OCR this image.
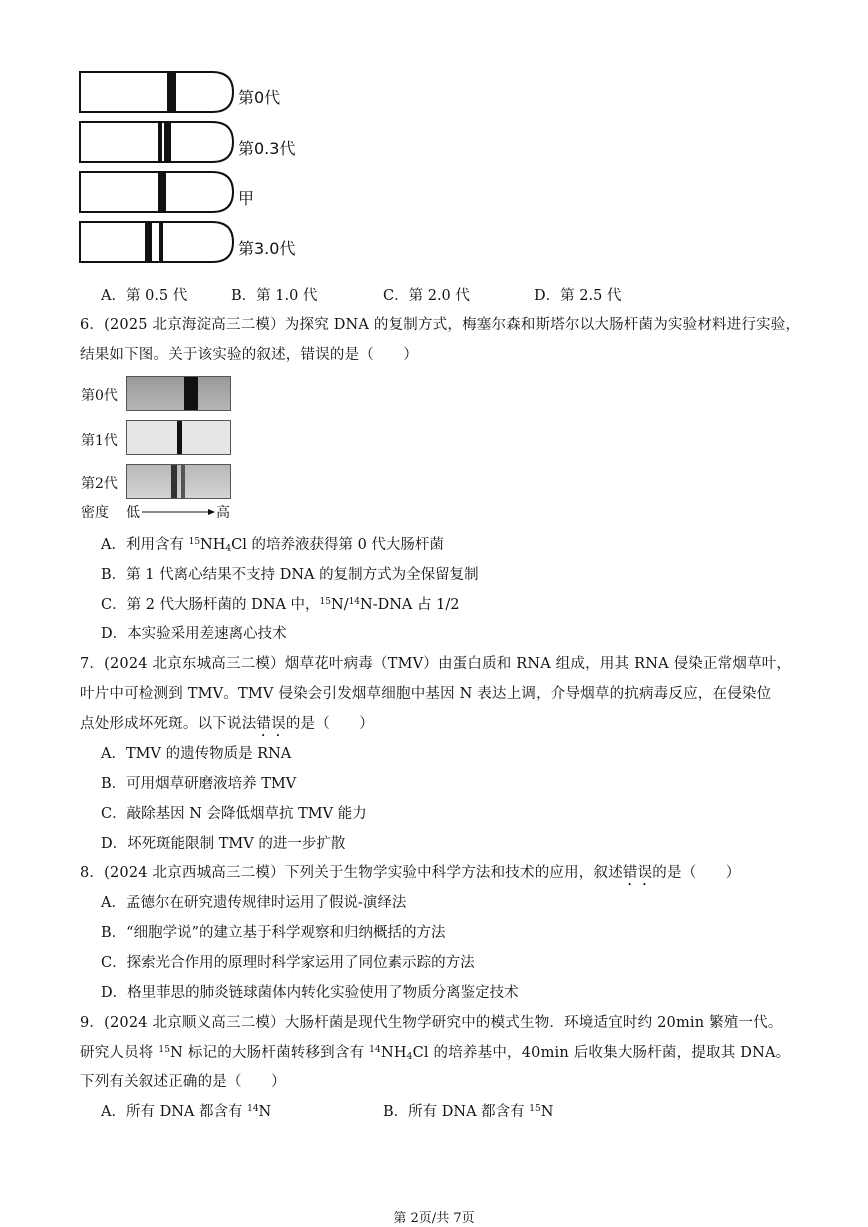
第0代
第0.3代
甲
第3.0代
A．第 0.5 代	B．第 1.0 代	C．第 2.0 代	D．第 2.5 代
6．(2025 北京海淀高三二模）为探究 DNA 的复制方式，梅塞尔森和斯塔尔以大肠杆菌为实验材料进行实验，
结果如下图。关于该实验的叙述，错误的是（　　）
第0代
第1代
第2代
密度 低	高
A．利用含有 $^{15}NH_4Cl$ 的培养液获得第 0 代大肠杆菌
B．第 1 代离心结果不支持 DNA 的复制方式为全保留复制
C．第 2 代大肠杆菌的 DNA 中，$^{15}$N/$^{14}$N-DNA 占 1/2
D．本实验采用差速离心技术
7．(2024 北京东城高三二模）烟草花叶病毒（TMV）由蛋白质和 RNA 组成，用其 RNA 侵染正常烟草叶，
叶片中可检测到 TMV。TMV 侵染会引发烟草细胞中基因 N 表达上调，介导烟草的抗病毒反应，在侵染位
点处形成坏死斑。以下说法错误的是（　　）
A．TMV 的遗传物质是 RNA
B．可用烟草研磨液培养 TMV
C．敲除基因 N 会降低烟草抗 TMV 能力
D．坏死斑能限制 TMV 的进一步扩散
8．(2024 北京西城高三二模）下列关于生物学实验中科学方法和技术的应用，叙述错误的是（　　）
A．孟德尔在研究遗传规律时运用了假说-演绎法
B．“细胞学说”的建立基于科学观察和归纳概括的方法
C．探索光合作用的原理时科学家运用了同位素示踪的方法
D．格里菲思的肺炎链球菌体内转化实验使用了物质分离鉴定技术
9．(2024 北京顺义高三二模）大肠杆菌是现代生物学研究中的模式生物．环境适宜时约 20min 繁殖一代。
研究人员将 $^{15}$N 标记的大肠杆菌转移到含有 $^{14}NH_4Cl$ 的培养基中，40min 后收集大肠杆菌，提取其 DNA。
下列有关叙述正确的是（　　）
A．所有 DNA 都含有 $^{14}$N	B．所有 DNA 都含有 $^{15}$N
第 2页/共 7页
